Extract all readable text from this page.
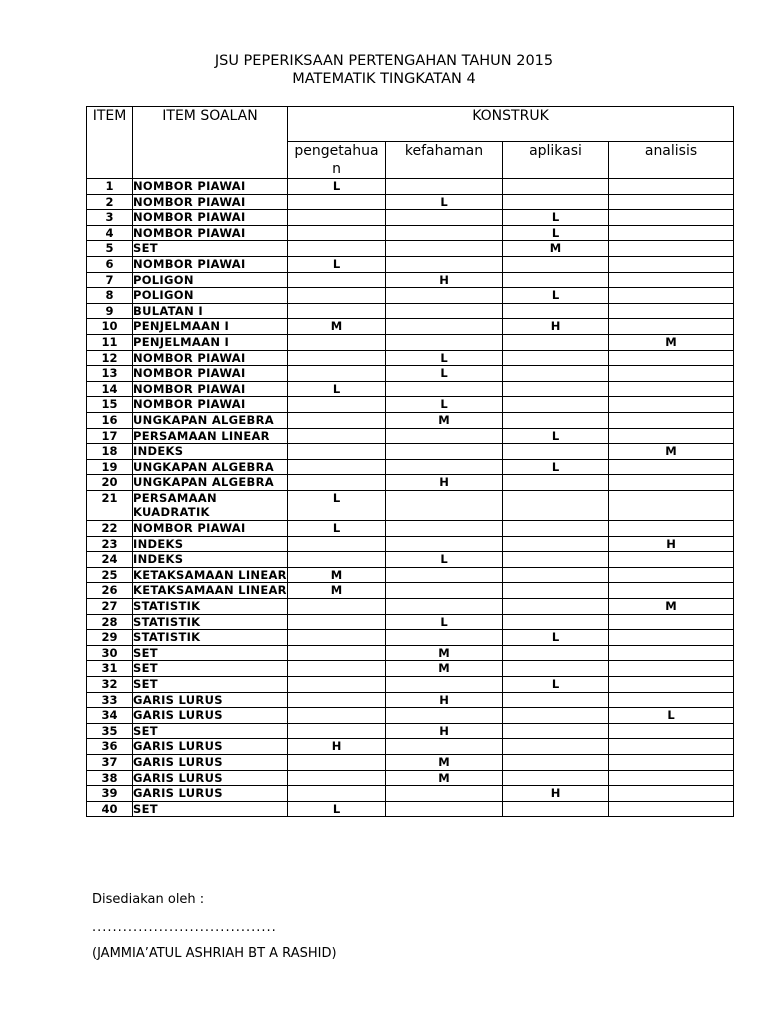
JSU PEPERIKSAAN PERTENGAHAN TAHUN 2015
MATEMATIK TINGKATAN 4
ITEM	ITEM SOALAN	KONSTRUK			
		pengetahuan	kefahaman	aplikasi	analisis
1	NOMBOR PIAWAI	L			
2	NOMBOR PIAWAI		L		
3	NOMBOR PIAWAI			L	
4	NOMBOR PIAWAI			L	
5	SET			M	
6	NOMBOR PIAWAI	L			
7	POLIGON		H		
8	POLIGON			L	
9	BULATAN I				
10	PENJELMAAN I	M		H	
11	PENJELMAAN I				M
12	NOMBOR PIAWAI		L		
13	NOMBOR PIAWAI		L		
14	NOMBOR PIAWAI	L			
15	NOMBOR PIAWAI		L		
16	UNGKAPAN ALGEBRA		M		
17	PERSAMAAN LINEAR			L	
18	INDEKS				M
19	UNGKAPAN ALGEBRA			L	
20	UNGKAPAN ALGEBRA		H		
21	PERSAMAAN KUADRATIK	L			
22	NOMBOR PIAWAI	L			
23	INDEKS				H
24	INDEKS		L		
25	KETAKSAMAAN LINEAR	M			
26	KETAKSAMAAN LINEAR	M			
27	STATISTIK				M
28	STATISTIK		L		
29	STATISTIK			L	
30	SET		M		
31	SET		M		
32	SET			L	
33	GARIS LURUS		H		
34	GARIS LURUS				L
35	SET		H		
36	GARIS LURUS	H			
37	GARIS LURUS		M		
38	GARIS LURUS		M		
39	GARIS LURUS			H	
40	SET	L			
Disediakan oleh :
....................................
(JAMMIA’ATUL ASHRIAH BT A RASHID)
